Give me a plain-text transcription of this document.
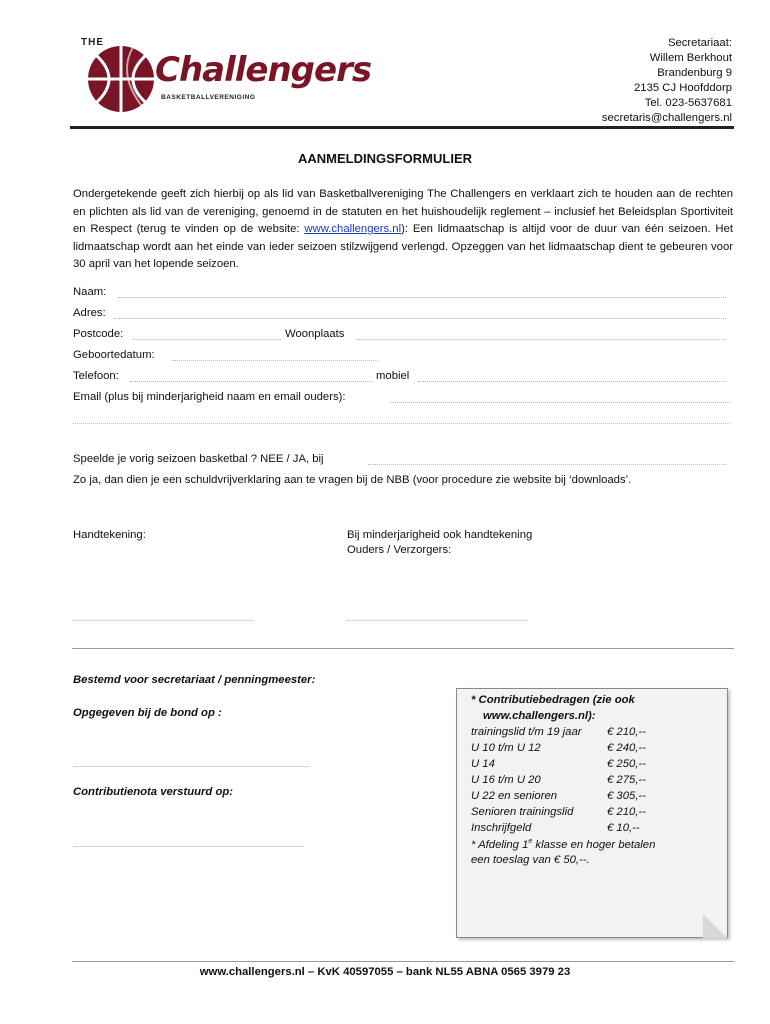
THE
Challengers
BASKETBALLVERENIGING
Secretariaat:
Willem Berkhout
Brandenburg 9
2135 CJ Hoofddorp
Tel. 023-5637681
secretaris@challengers.nl
AANMELDINGSFORMULIER
Ondergetekende geeft zich hierbij op als lid van Basketballvereniging The Challengers en verklaart zich te houden aan de rechten en plichten als lid van de vereniging, genoemd in de statuten en het huishoudelijk reglement – inclusief het Beleidsplan Sportiviteit en Respect (terug te vinden op de website: www.challengers.nl): Een lidmaatschap is altijd voor de duur van één seizoen. Het lidmaatschap wordt aan het einde van ieder seizoen stilzwijgend verlengd. Opzeggen van het lidmaatschap dient te gebeuren voor 30 april van het lopende seizoen.
Naam:
Adres:
Postcode:	Woonplaats
Geboortedatum:
Telefoon:	mobiel
Email (plus bij minderjarigheid naam en email ouders):
Speelde je vorig seizoen basketbal ? NEE / JA, bij
Zo ja, dan dien je een schuldvrijverklaring aan te vragen bij de NBB (voor procedure zie website bij ‘downloads’.
Handtekening:	Bij minderjarigheid ook handtekening
Ouders / Verzorgers:
Bestemd voor secretariaat / penningmeester:
Opgegeven bij de bond op :
Contributienota verstuurd op:
* Contributiebedragen (zie ook
www.challengers.nl):
trainingslid t/m 19 jaar € 210,--
U 10 t/m U 12	€ 240,--
U 14	€ 250,--
U 16 t/m U 20	€ 275,--
U 22 en senioren	€ 305,--
Senioren trainingslid	€ 210,--
Inschrijfgeld	€ 10,--
* Afdeling 1e klasse en hoger betalen
een toeslag van € 50,--.
www.challengers.nl – KvK 40597055 – bank NL55 ABNA 0565 3979 23
